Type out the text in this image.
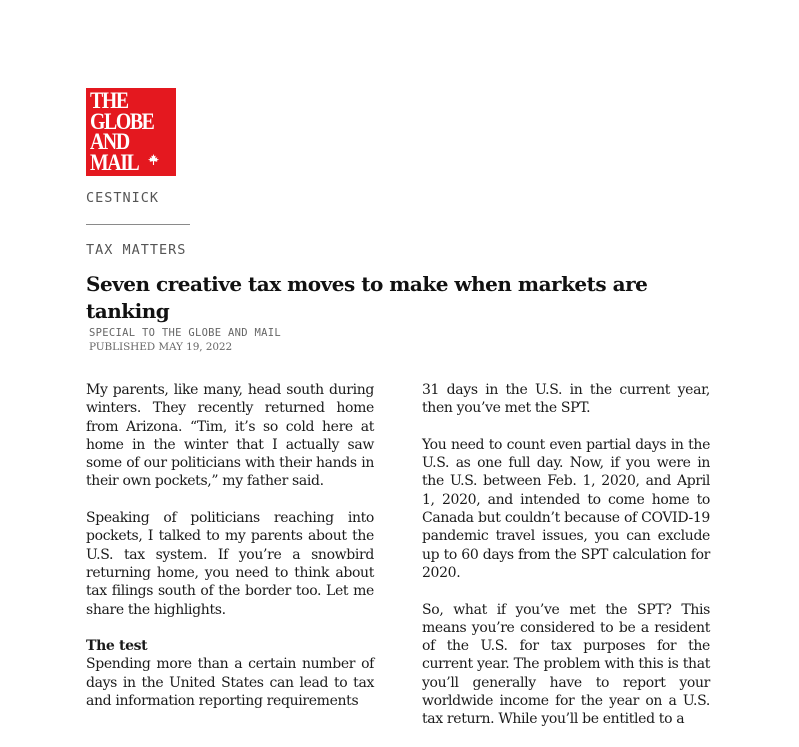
THE
GLOBE
AND
MAIL

CESTNICK

TAX MATTERS

Seven creative tax moves to make when markets are tanking

SPECIAL TO THE GLOBE AND MAIL

PUBLISHED MAY 19, 2022

My parents, like many, head south during winters. They recently returned home from Arizona. “Tim, it’s so cold here at home in the winter that I actually saw some of our politicians with their hands in their own pockets,” my father said.

Speaking of politicians reaching into pockets, I talked to my parents about the U.S. tax system. If you’re a snowbird returning home, you need to think about tax filings south of the border too. Let me share the highlights.

The test

Spending more than a certain number of days in the United States can lead to tax and information reporting requirements

31 days in the U.S. in the current year, then you’ve met the SPT.

You need to count even partial days in the U.S. as one full day. Now, if you were in the U.S. between Feb. 1, 2020, and April 1, 2020, and intended to come home to Canada but couldn’t because of COVID-19 pandemic travel issues, you can exclude up to 60 days from the SPT calculation for 2020.

So, what if you’ve met the SPT? This means you’re considered to be a resident of the U.S. for tax purposes for the current year. The problem with this is that you’ll generally have to report your worldwide income for the year on a U.S. tax return. While you’ll be entitled to a
